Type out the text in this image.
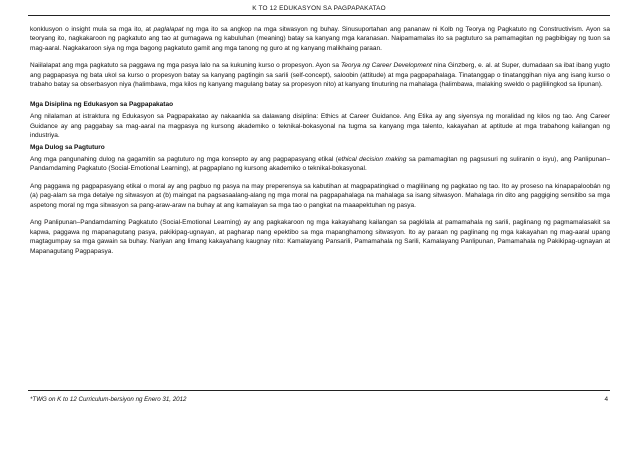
K TO 12 EDUKASYON SA PAGPAPAKATAO

konklusyon o insight mula sa mga ito, at paglalapat ng mga ito sa angkop na mga sitwasyon ng buhay. Sinusuportahan ang pananaw ni Kolb ng Teorya ng Pagkatuto ng Constructivism. Ayon sa teoryang ito, nagkakaroon ng pagkatuto ang tao at gumagawa ng kabuluhan (meaning) batay sa kanyang mga karanasan. Naipamamalas ito sa pagtuturo sa pamamagitan ng pagbibigay ng tuon sa mag-aaral. Nagkakaroon siya ng mga bagong pagkatuto gamit ang mga tanong ng guro at ng kanyang malikhaing paraan.

Naiilalapat ang mga pagkatuto sa paggawa ng mga pasya lalo na sa kukuning kurso o propesyon. Ayon sa Teorya ng Career Development nina Ginzberg, e. al. at Super, dumadaan sa ibat ibang yugto ang pagpapasya ng bata ukol sa kurso o propesyon batay sa kanyang pagtingin sa sarili (self-concept), saloobin (attitude) at mga pagpapahalaga. Tinatanggap o tinatanggihan niya ang isang kurso o trabaho batay sa obserbasyon niya (halimbawa, mga kilos ng kanyang magulang batay sa propesyon nito) at kanyang tinuturing na mahalaga (halimbawa, malaking sweldo o pagliilingkod sa lipunan).

Mga Disiplina ng Edukasyon sa Pagpapakatao

Ang nilalaman at istraktura ng Edukasyon sa Pagpapakatao ay nakaankla sa dalawang disiplina: Ethics at Career Guidance. Ang Etika ay ang siyensya ng moralidad ng kilos ng tao. Ang Career Guidance ay ang paggabay sa mag-aaral na magpasya ng kursong akademiko o teknikal-bokasyonal na tugma sa kanyang mga talento, kakayahan at aptitude at mga trabahong kailangan ng industriya.

Mga Dulog sa Pagtuturo

Ang mga pangunahing dulog na gagamitin sa pagtuturo ng mga konsepto ay ang pagpapasyang etikal (ethical decision making sa pamamagitan ng pagsusuri ng suliranin o isyu), ang Panlipunan–Pandamdaming Pagkatuto (Social-Emotional Learning), at pagpaplano ng kursong akademiko o teknikal-bokasyonal.

Ang paggawa ng pagpapasyang etikal o moral ay ang pagbuo ng pasya na may preperensya sa kabutihan at magpapatingkad o maglilinang ng pagkatao ng tao. Ito ay proseso na kinapapaloobán ng (a) pag-alam sa mga detalye ng sitwasyon at (b) maingat na pagsasaalang-alang ng mga moral na pagpapahalaga na mahalaga sa isang sitwasyon. Mahalaga rin dito ang paggiging sensitibo sa mga aspetong moral ng mga sitwasyon sa pang-araw-araw na buhay at ang kamalayan sa mga tao o pangkat na maaapektuhan ng pasya.

Ang Panlipunan–Pandamdaming Pagkatuto (Social-Emotional Learning) ay ang pagkakaroon ng mga kakayahang kailangan sa pagkilala at pamamahala ng sarili, paglinang ng pagmamalasakit sa kapwa, paggawa ng mapanagutang pasya, pakikipag-ugnayan, at pagharap nang epektibo sa mga mapanghamong sitwasyon. Ito ay paraan ng paglinang ng mga kakayahan ng mag-aaral upang magtagumpay sa mga gawain sa buhay. Nariyan ang limang kakayahang kaugnay nito: Kamalayang Pansarili, Pamamahala ng Sarili, Kamalayang Panlipunan, Pamamahala ng Pakikipag-ugnayan at Mapanagutang Pagpapasya.

*TWG on K to 12 Curriculum-bersiyon ng Enero 31, 2012	4
